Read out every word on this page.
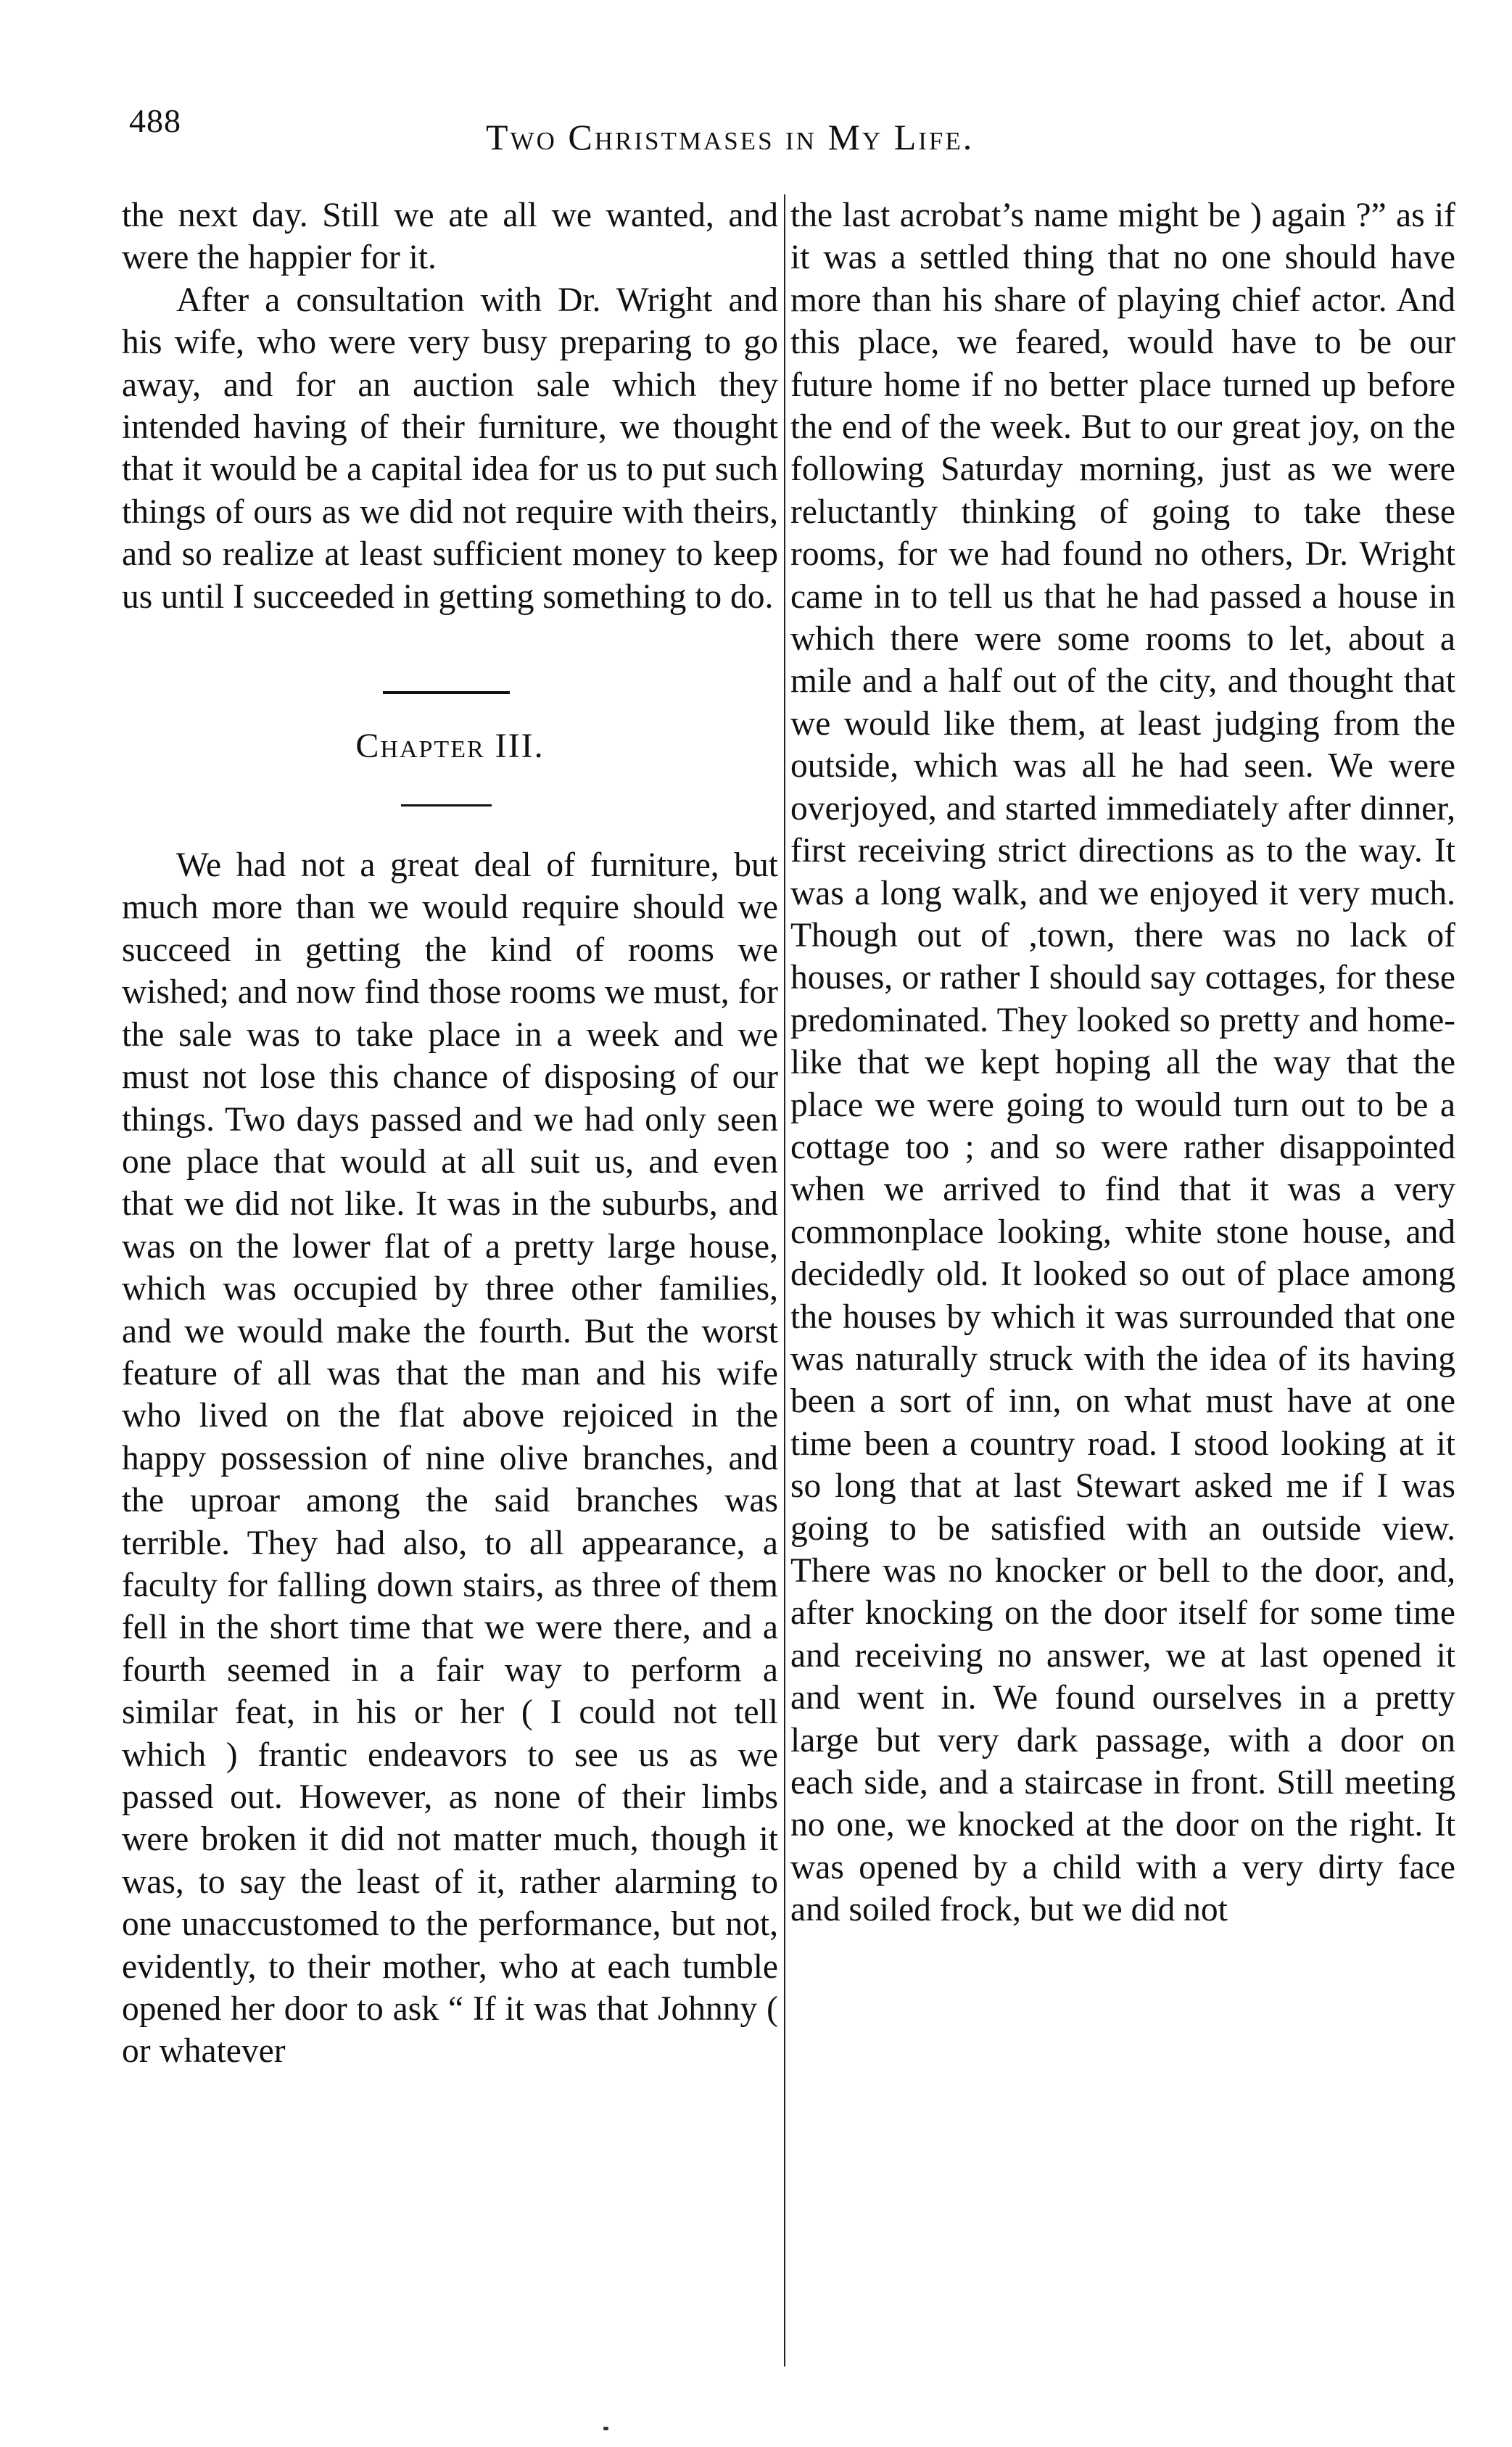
488	Two Christmases in My Life.

the next day. Still we ate all we wanted, and were the happier for it.

After a consultation with Dr. Wright and his wife, who were very busy preparing to go away, and for an auction sale which they intended having of their furniture, we thought that it would be a capital idea for us to put such things of ours as we did not require with theirs, and so realize at least sufficient money to keep us until I succeeded in getting something to do.

Chapter III.

We had not a great deal of furniture, but much more than we would require should we succeed in getting the kind of rooms we wished; and now find those rooms we must, for the sale was to take place in a week and we must not lose this chance of disposing of our things. Two days passed and we had only seen one place that would at all suit us, and even that we did not like. It was in the suburbs, and was on the lower flat of a pretty large house, which was occupied by three other families, and we would make the fourth. But the worst feature of all was that the man and his wife who lived on the flat above rejoiced in the happy possession of nine olive branches, and the uproar among the said branches was terrible. They had also, to all appearance, a faculty for falling down stairs, as three of them fell in the short time that we were there, and a fourth seemed in a fair way to perform a similar feat, in his or her ( I could not tell which ) frantic endeavors to see us as we passed out. However, as none of their limbs were broken it did not matter much, though it was, to say the least of it, rather alarming to one unaccustomed to the performance, but not, evidently, to their mother, who at each tumble opened her door to ask “ If it was that Johnny ( or whatever

the last acrobat’s name might be ) again ?” as if it was a settled thing that no one should have more than his share of playing chief actor. And this place, we feared, would have to be our future home if no better place turned up before the end of the week. But to our great joy, on the following Saturday morning, just as we were reluctantly thinking of going to take these rooms, for we had found no others, Dr. Wright came in to tell us that he had passed a house in which there were some rooms to let, about a mile and a half out of the city, and thought that we would like them, at least judging from the outside, which was all he had seen. We were overjoyed, and started immediately after dinner, first receiving strict directions as to the way. It was a long walk, and we enjoyed it very much. Though out of ,town, there was no lack of houses, or rather I should say cottages, for these predominated. They looked so pretty and home-like that we kept hoping all the way that the place we were going to would turn out to be a cottage too ; and so were rather disappointed when we arrived to find that it was a very commonplace looking, white stone house, and decidedly old. It looked so out of place among the houses by which it was surrounded that one was naturally struck with the idea of its having been a sort of inn, on what must have at one time been a country road. I stood looking at it so long that at last Stewart asked me if I was going to be satisfied with an outside view. There was no knocker or bell to the door, and, after knocking on the door itself for some time and receiving no answer, we at last opened it and went in. We found ourselves in a pretty large but very dark passage, with a door on each side, and a staircase in front. Still meeting no one, we knocked at the door on the right. It was opened by a child with a very dirty face and soiled frock, but we did not
